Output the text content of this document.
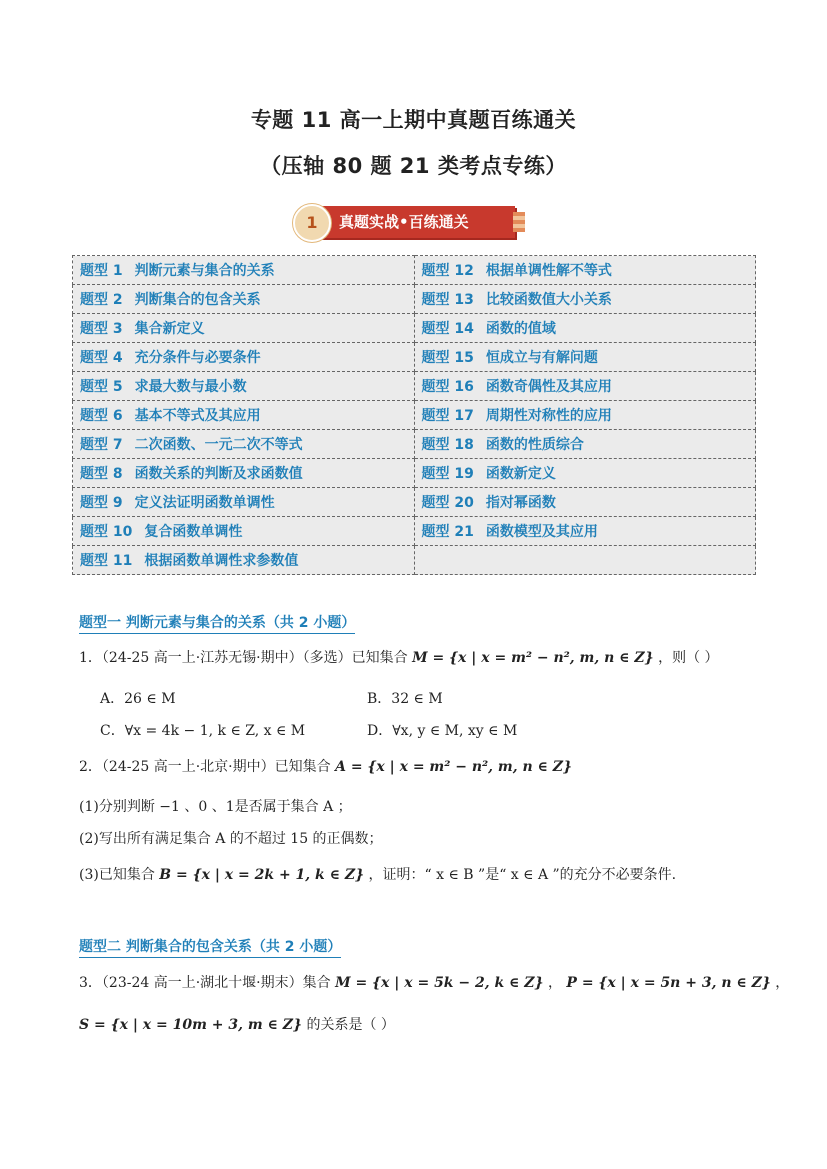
专题 11 高一上期中真题百练通关
（压轴 80 题 21 类考点专练）
真题实战•百练通关
1
题型 1 判断元素与集合的关系	题型 12 根据单调性解不等式
题型 2 判断集合的包含关系	题型 13 比较函数值大小关系
题型 3 集合新定义	题型 14 函数的值域
题型 4 充分条件与必要条件	题型 15 恒成立与有解问题
题型 5 求最大数与最小数	题型 16 函数奇偶性及其应用
题型 6 基本不等式及其应用	题型 17 周期性对称性的应用
题型 7 二次函数、一元二次不等式	题型 18 函数的性质综合
题型 8 函数关系的判断及求函数值	题型 19 函数新定义
题型 9 定义法证明函数单调性	题型 20 指对幂函数
题型 10 复合函数单调性	题型 21 函数模型及其应用
题型 11 根据函数单调性求参数值	
题型一 判断元素与集合的关系（共 2 小题）
1．（24-25 高一上·江苏无锡·期中）（多选）已知集合 M = {x | x = m² − n², m, n ∈ Z} ，则（ ）
A．26 ∈ M	B．32 ∈ M
C．∀x = 4k − 1, k ∈ Z, x ∈ M	D．∀x, y ∈ M, xy ∈ M
2．（24-25 高一上·北京·期中）已知集合 A = {x | x = m² − n², m, n ∈ Z}
(1)分别判断 −1 、0 、1是否属于集合 A ；
(2)写出所有满足集合 A 的不超过 15 的正偶数；
(3)已知集合 B = {x | x = 2k + 1, k ∈ Z} ，证明：“ x ∈ B ”是“ x ∈ A ”的充分不必要条件.
题型二 判断集合的包含关系（共 2 小题）
3．（23-24 高一上·湖北十堰·期末）集合 M = {x | x = 5k − 2, k ∈ Z} ， P = {x | x = 5n + 3, n ∈ Z} ，
S = {x | x = 10m + 3, m ∈ Z} 的关系是（ ）
